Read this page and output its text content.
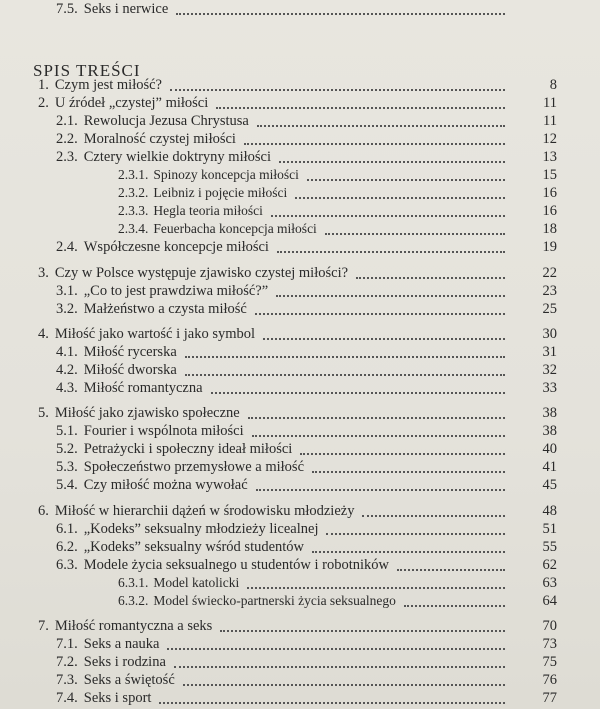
SPIS TREŚCI
1. Czym jest miłość?	8
2. U źródeł „czystej” miłości	11
2.1. Rewolucja Jezusa Chrystusa	11
2.2. Moralność czystej miłości	12
2.3. Cztery wielkie doktryny miłości	13
2.3.1. Spinozy koncepcja miłości	15
2.3.2. Leibniz i pojęcie miłości	16
2.3.3. Hegla teoria miłości	16
2.3.4. Feuerbacha koncepcja miłości	18
2.4. Współczesne koncepcje miłości	19
3. Czy w Polsce występuje zjawisko czystej miłości?	22
3.1. „Co to jest prawdziwa miłość?”	23
3.2. Małżeństwo a czysta miłość	25
4. Miłość jako wartość i jako symbol	30
4.1. Miłość rycerska	31
4.2. Miłość dworska	32
4.3. Miłość romantyczna	33
5. Miłość jako zjawisko społeczne	38
5.1. Fourier i wspólnota miłości	38
5.2. Petrażycki i społeczny ideał miłości	40
5.3. Społeczeństwo przemysłowe a miłość	41
5.4. Czy miłość można wywołać	45
6. Miłość w hierarchii dążeń w środowisku młodzieży	48
6.1. „Kodeks” seksualny młodzieży licealnej	51
6.2. „Kodeks” seksualny wśród studentów	55
6.3. Modele życia seksualnego u studentów i robotników	62
6.3.1. Model katolicki	63
6.3.2. Model świecko-partnerski życia seksualnego	64
7. Miłość romantyczna a seks	70
7.1. Seks a nauka	73
7.2. Seks i rodzina	75
7.3. Seks a świętość	76
7.4. Seks i sport	77
7.5. Seks i nerwice
